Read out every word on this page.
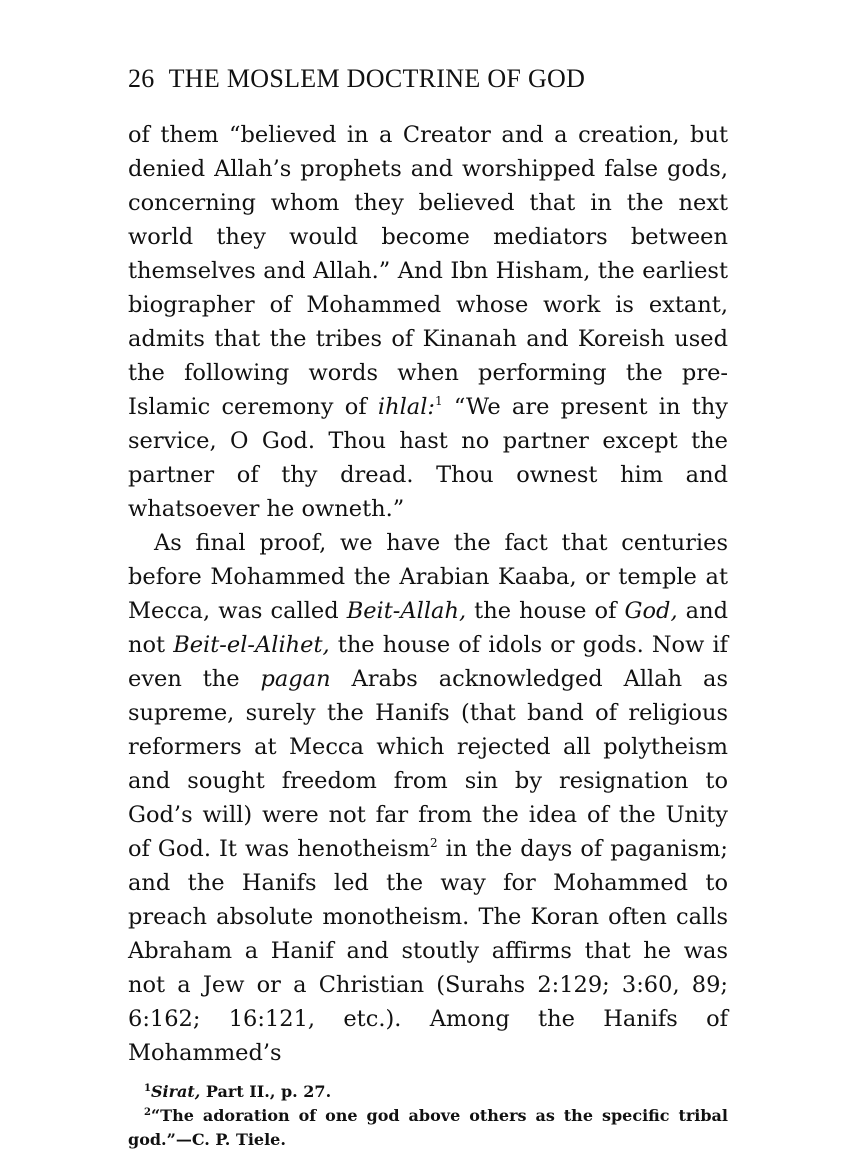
26 THE MOSLEM DOCTRINE OF GOD

of them “believed in a Creator and a creation, but denied Allah’s prophets and worshipped false gods, concerning whom they believed that in the next world they would become mediators between themselves and Allah.” And Ibn Hisham, the earliest biographer of Mohammed whose work is extant, admits that the tribes of Kinanah and Koreish used the following words when performing the pre-Islamic ceremony of ihlal:$^1$ “We are present in thy service, O God. Thou hast no partner except the partner of thy dread. Thou ownest him and whatsoever he owneth.”

As final proof, we have the fact that centuries before Mohammed the Arabian Kaaba, or temple at Mecca, was called Beit-Allah, the house of God, and not Beit-el-Alihet, the house of idols or gods. Now if even the pagan Arabs acknowledged Allah as supreme, surely the Hanifs (that band of religious reformers at Mecca which rejected all polytheism and sought freedom from sin by resignation to God’s will) were not far from the idea of the Unity of God. It was henotheism$^2$ in the days of paganism; and the Hanifs led the way for Mohammed to preach absolute monotheism. The Koran often calls Abraham a Hanif and stoutly affirms that he was not a Jew or a Christian (Surahs 2:129; 3:60, 89; 6:162; 16:121, etc.). Among the Hanifs of Mohammed’s

$^1$Sirat, Part II., p. 27.

$^2$“The adoration of one god above others as the specific tribal god.”—C. P. Tiele.
